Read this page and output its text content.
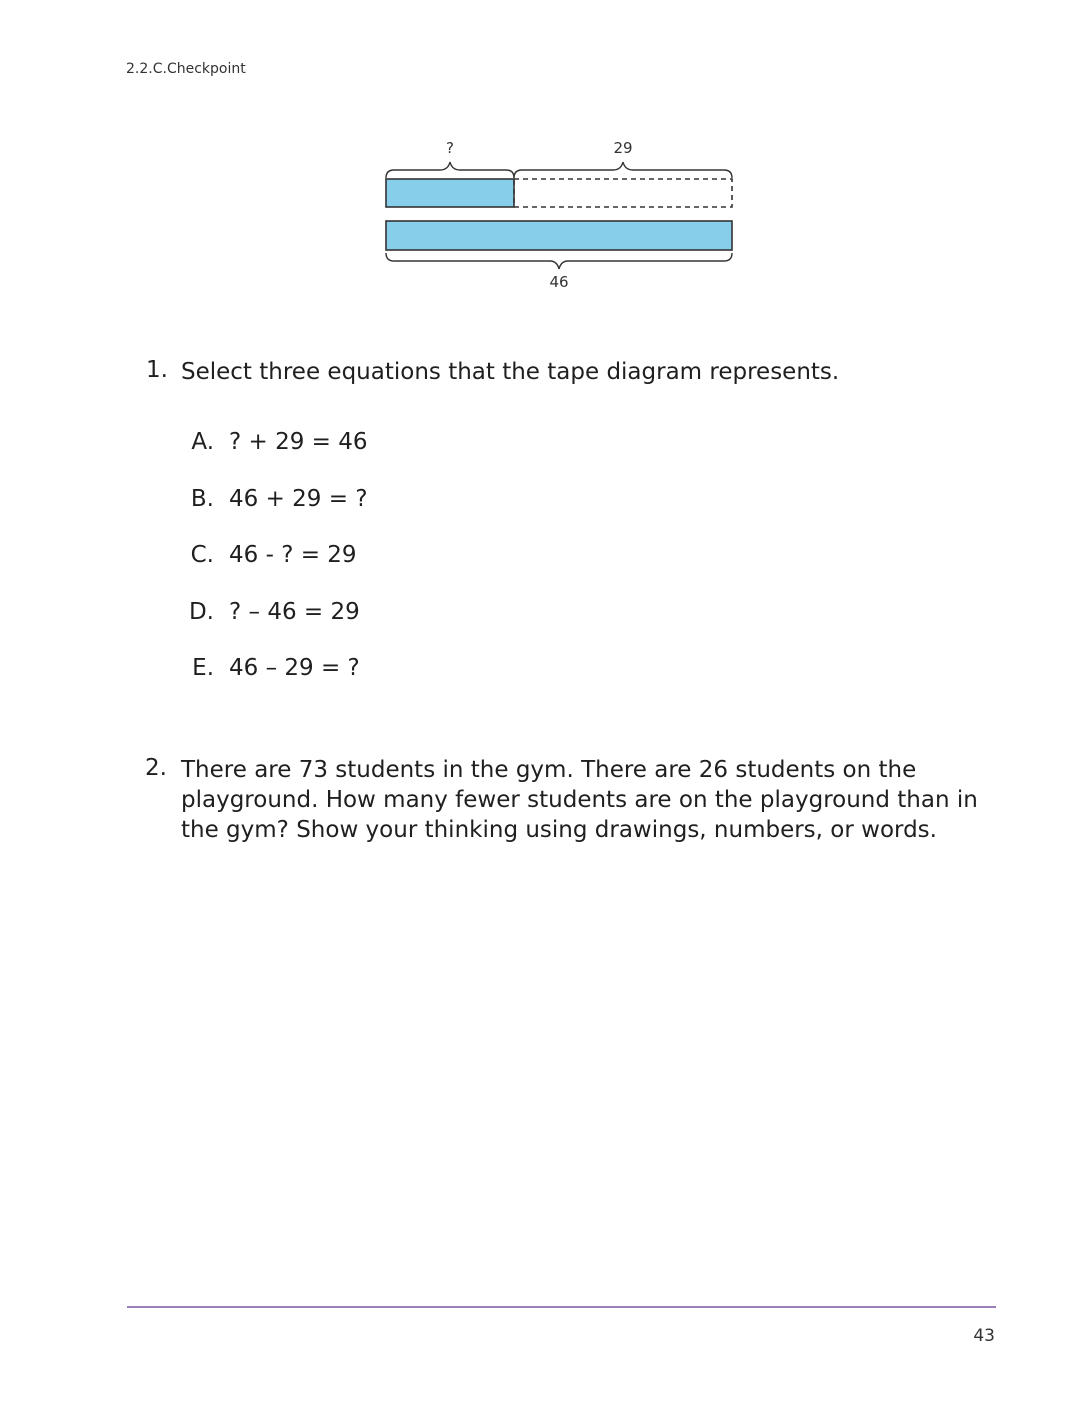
2.2.C.Checkpoint
?	29
46
1. Select three equations that the tape diagram represents.
A. ? + 29 = 46
B. 46 + 29 = ?
C. 46 - ? = 29
D. ? – 46 = 29
E. 46 – 29 = ?
2. There are 73 students in the gym. There are 26 students on the
playground. How many fewer students are on the playground than in
the gym? Show your thinking using drawings, numbers, or words.
43
